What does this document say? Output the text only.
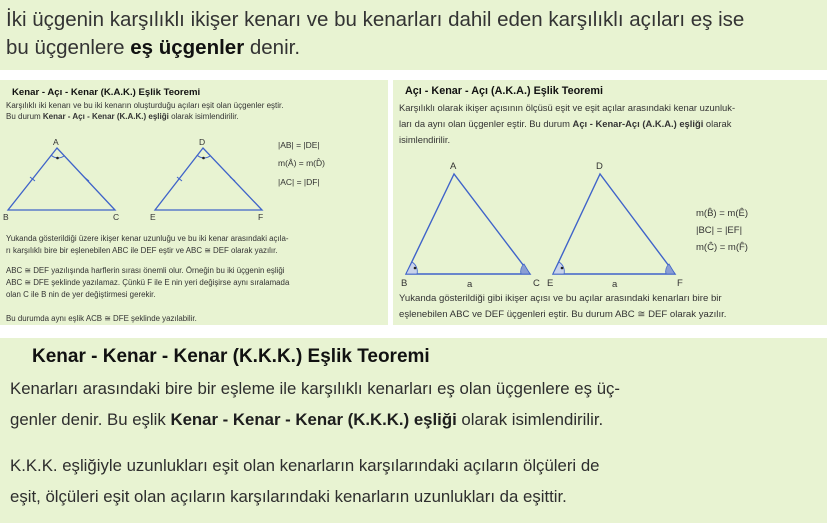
İki üçgenin karşılıklı ikişer kenarı ve bu kenarları dahil eden karşılıklı açıları eş ise
bu üçgenlere eş üçgenler denir.
Kenar - Açı - Kenar (K.A.K.) Eşlik Teoremi
Karşılıklı iki kenarı ve bu iki kenarın oluşturduğu açıları eşit olan üçgenler eştir.
Bu durum Kenar - Açı - Kenar (K.A.K.) eşliği olarak isimlendirilir.
A
B	C
D
E	F
|AB| = |DE|
m(Â) = m(D̂)
|AC| = |DF|
Yukanda gösterildiği üzere ikişer kenar uzunluğu ve bu iki kenar arasındaki açıla-
rı karşılıklı bire bir eşlenebilen ABC ile DEF eştir ve ABC ≅ DEF olarak yazılır.
ABC ≅ DEF yazılışında harflerin sırası önemli olur. Örneğin bu iki üçgenin eşliği
ABC ≅ DFE şeklinde yazılamaz. Çünkü F ile E nin yeri değişirse aynı sıralamada
olan C ile B nin de yer değiştirmesi gerekir.
Bu durumda aynı eşlik ACB ≅ DFE şeklinde yazılabilir.
Açı - Kenar - Açı (A.K.A.) Eşlik Teoremi
Karşılıklı olarak ikişer açısının ölçüsü eşit ve eşit açılar arasındaki kenar uzunluk-
ları da aynı olan üçgenler eştir. Bu durum Açı - Kenar-Açı (A.K.A.) eşliği olarak
isimlendirilir.
A
B	C
a
D
E	F
a
m(B̂) = m(Ê)
|BC| = |EF|
m(Ĉ) = m(F̂)
Yukanda gösterildiği gibi ikişer açısı ve bu açılar arasındaki kenarları bire bir
eşlenebilen ABC ve DEF üçgenleri eştir. Bu durum ABC ≅ DEF olarak yazılır.
Kenar - Kenar - Kenar (K.K.K.) Eşlik Teoremi
Kenarları arasındaki bire bir eşleme ile karşılıklı kenarları eş olan üçgenlere eş üç-
genler denir. Bu eşlik Kenar - Kenar - Kenar (K.K.K.) eşliği olarak isimlendirilir.
K.K.K. eşliğiyle uzunlukları eşit olan kenarların karşılarındaki açıların ölçüleri de
eşit, ölçüleri eşit olan açıların karşılarındaki kenarların uzunlukları da eşittir.
